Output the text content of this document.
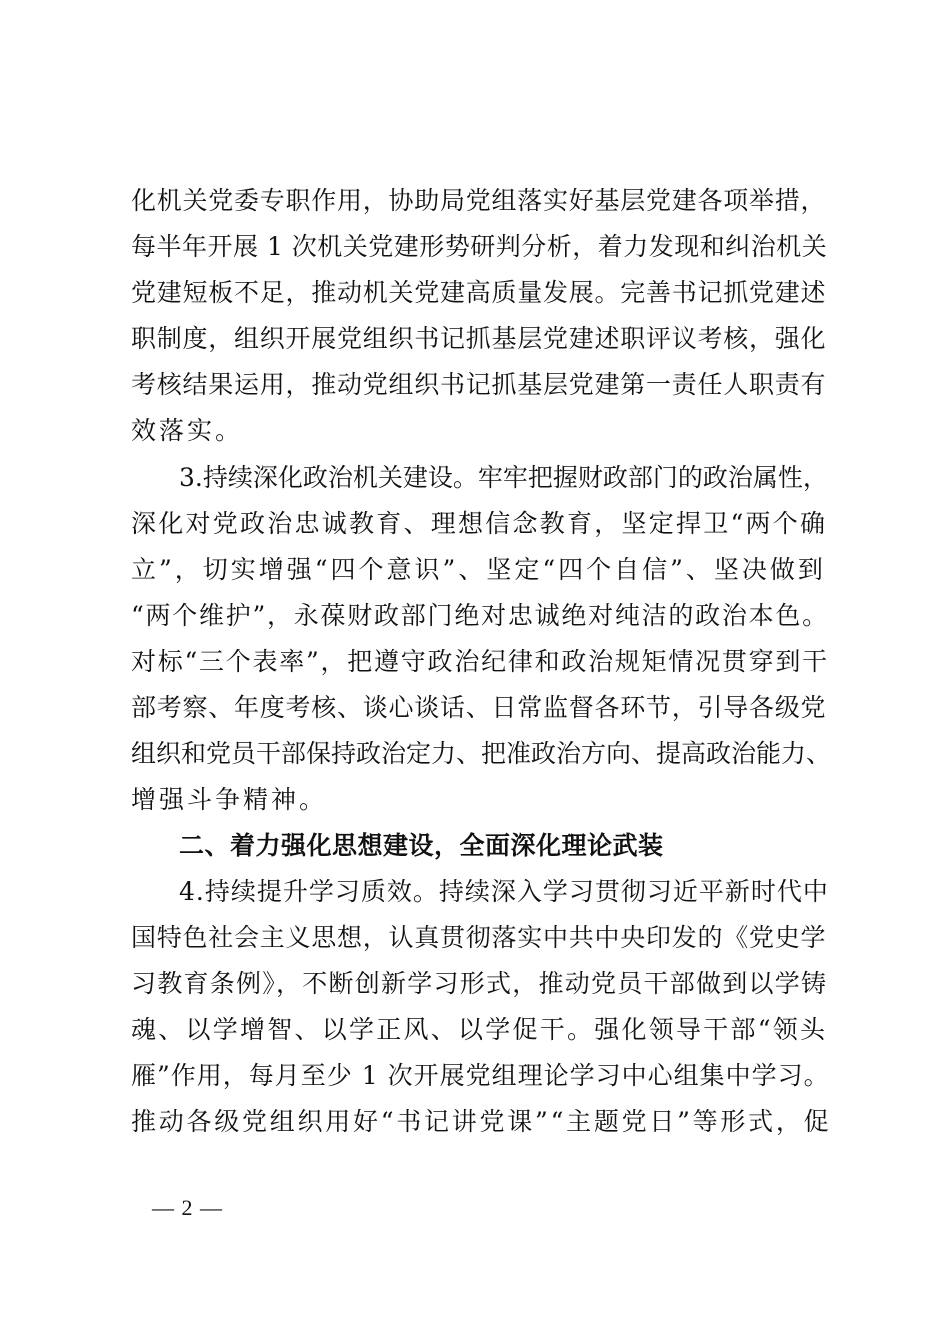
化机关党委专职作用，协助局党组落实好基层党建各项举措，
每半年开展 1 次机关党建形势研判分析，着力发现和纠治机关
党建短板不足，推动机关党建高质量发展。完善书记抓党建述
职制度，组织开展党组织书记抓基层党建述职评议考核，强化
考核结果运用，推动党组织书记抓基层党建第一责任人职责有
效落实。
3.持续深化政治机关建设。牢牢把握财政部门的政治属性，
深化对党政治忠诚教育、理想信念教育，坚定捍卫“两个确
立”，切实增强“四个意识”、坚定“四个自信”、坚决做到
“两个维护”，永葆财政部门绝对忠诚绝对纯洁的政治本色。
对标“三个表率”，把遵守政治纪律和政治规矩情况贯穿到干
部考察、年度考核、谈心谈话、日常监督各环节，引导各级党
组织和党员干部保持政治定力、把准政治方向、提高政治能力、
增强斗争精神。
二、着力强化思想建设，全面深化理论武装
4.持续提升学习质效。持续深入学习贯彻习近平新时代中
国特色社会主义思想，认真贯彻落实中共中央印发的《党史学
习教育条例》，不断创新学习形式，推动党员干部做到以学铸
魂、以学增智、以学正风、以学促干。强化领导干部“领头
雁”作用，每月至少 1 次开展党组理论学习中心组集中学习。
推动各级党组织用好“书记讲党课”“主题党日”等形式，促
— 2 —
